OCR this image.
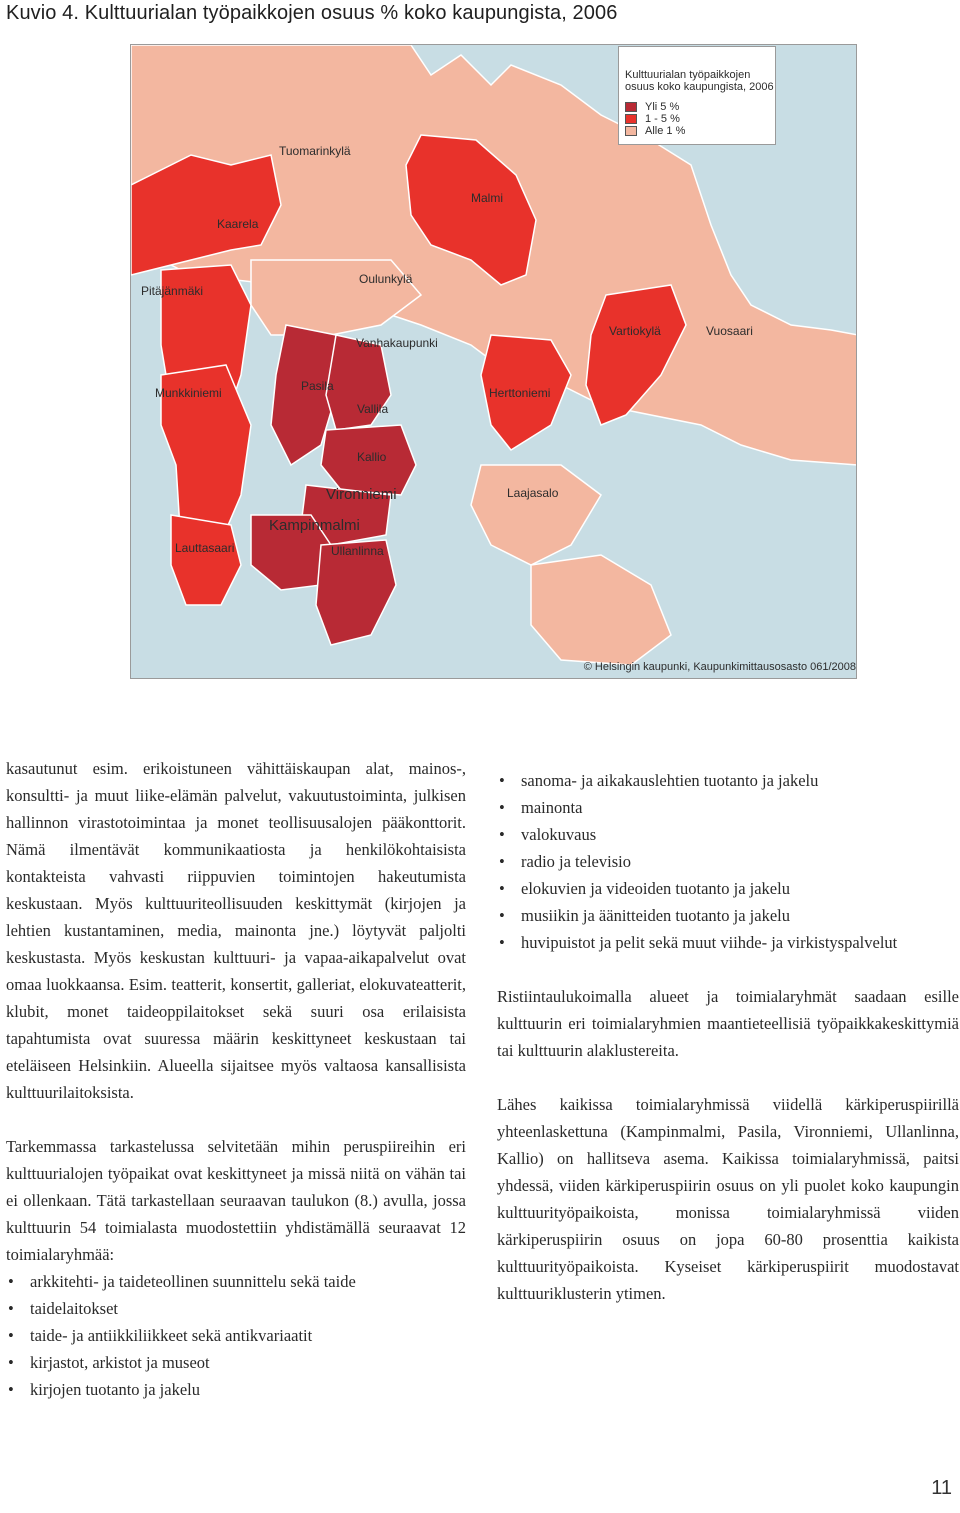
Kuvio 4. Kulttuurialan työpaikkojen osuus % koko kaupungista, 2006
Tuomarinkylä
Malmi
Kaarela
Pitäjänmäki
Oulunkylä
Vanhakaupunki
Vartiokylä	Vuosaari
Munkkiniemi	Pasila
Vallila
Herttoniemi
Kallio
Vironniemi	Laajasalo
Kampinmalmi
Lauttasaari	Ullanlinna
Kulttuurialan työpaikkojen
osuus koko kaupungista, 2006
Yli 5 %
1 - 5 %
Alle 1 %
© Helsingin kaupunki, Kaupunkimittausosasto 061/2008

kasautunut esim. erikoistuneen vähittäiskaupan alat, mainos-, konsultti- ja muut liike-elämän palvelut, vakuutustoiminta, julkisen hallinnon virastotoimintaa ja monet teollisuusalojen pääkonttorit. Nämä ilmentävät kommunikaatiosta ja henkilökohtaisista kontakteista vahvasti riippuvien toimintojen hakeutumista keskustaan. Myös kulttuuriteollisuuden keskittymät (kirjojen ja lehtien kustantaminen, media, mainonta jne.) löytyvät paljolti keskustasta. Myös keskustan kulttuuri- ja vapaa-aikapalvelut ovat omaa luokkaansa. Esim. teatterit, konsertit, galleriat, elokuvateatterit, klubit, monet taideoppilaitokset sekä suuri osa erilaisista tapahtumista ovat suuressa määrin keskittyneet keskustaan tai eteläiseen Helsinkiin. Alueella sijaitsee myös valtaosa kansallisista kulttuurilaitoksista.

Tarkemmassa tarkastelussa selvitetään mihin peruspiireihin eri kulttuurialojen työpaikat ovat keskittyneet ja missä niitä on vähän tai ei ollenkaan. Tätä tarkastellaan seuraavan taulukon (8.) avulla, jossa kulttuurin 54 toimialasta muodostettiin yhdistämällä seuraavat 12 toimialaryhmää:

• arkkitehti- ja taideteollinen suunnittelu sekä taide
• taidelaitokset
• taide- ja antiikkiliikkeet sekä antikvariaatit
• kirjastot, arkistot ja museot
• kirjojen tuotanto ja jakelu
• sanoma- ja aikakauslehtien tuotanto ja jakelu
• mainonta
• valokuvaus
• radio ja televisio
• elokuvien ja videoiden tuotanto ja jakelu
• musiikin ja äänitteiden tuotanto ja jakelu
• huvipuistot ja pelit sekä muut viihde- ja virkistyspalvelut

Ristiintaulukoimalla alueet ja toimialaryhmät saadaan esille kulttuurin eri toimialaryhmien maantieteellisiä työpaikkakeskittymiä tai kulttuurin alaklustereita.

Lähes kaikissa toimialaryhmissä viidellä kärkiperuspiirillä yhteenlaskettuna (Kampinmalmi, Pasila, Vironniemi, Ullanlinna, Kallio) on hallitseva asema. Kaikissa toimialaryhmissä, paitsi yhdessä, viiden kärkiperuspiirin osuus on yli puolet koko kaupungin kulttuurityöpaikoista, monissa toimialaryhmissä viiden kärkiperuspiirin osuus on jopa 60-80 prosenttia kaikista kulttuurityöpaikoista. Kyseiset kärkiperuspiirit muodostavat kulttuuriklusterin ytimen.

11
